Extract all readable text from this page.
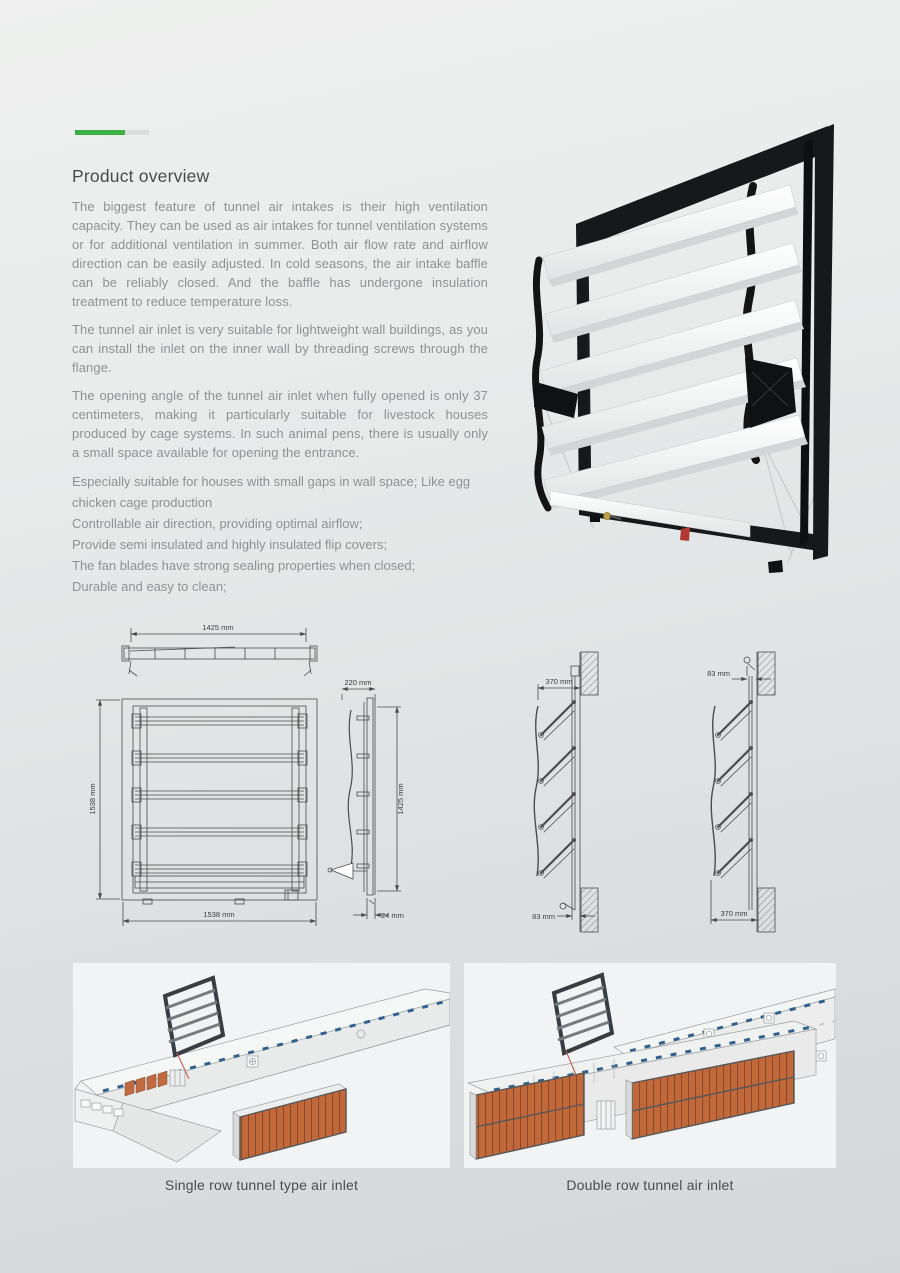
Product overview

The biggest feature of tunnel air intakes is their high ventilation capacity. They can be used as air intakes for tunnel ventilation systems or for additional ventilation in summer. Both air flow rate and airflow direction can be easily adjusted. In cold seasons, the air intake baffle can be reliably closed. And the baffle has undergone insulation treatment to reduce temperature loss.

The tunnel air inlet is very suitable for lightweight wall buildings, as you can install the inlet on the inner wall by threading screws through the flange.

The opening angle of the tunnel air inlet when fully opened is only 37 centimeters, making it particularly suitable for livestock houses produced by cage systems. In such animal pens, there is usually only a small space available for opening the entrance.

Especially suitable for houses with small gaps in wall space; Like egg chicken cage production
Controllable air direction, providing optimal airflow;
Provide semi insulated and highly insulated flip covers;
The fan blades have strong sealing properties when closed;
Durable and easy to clean;
1425 mm
1538 mm
1538 mm
220 mm
1425 mm
24 mm
370 mm
83 mm
83 mm
370 mm
Single row tunnel type air inlet	Double row tunnel air inlet
